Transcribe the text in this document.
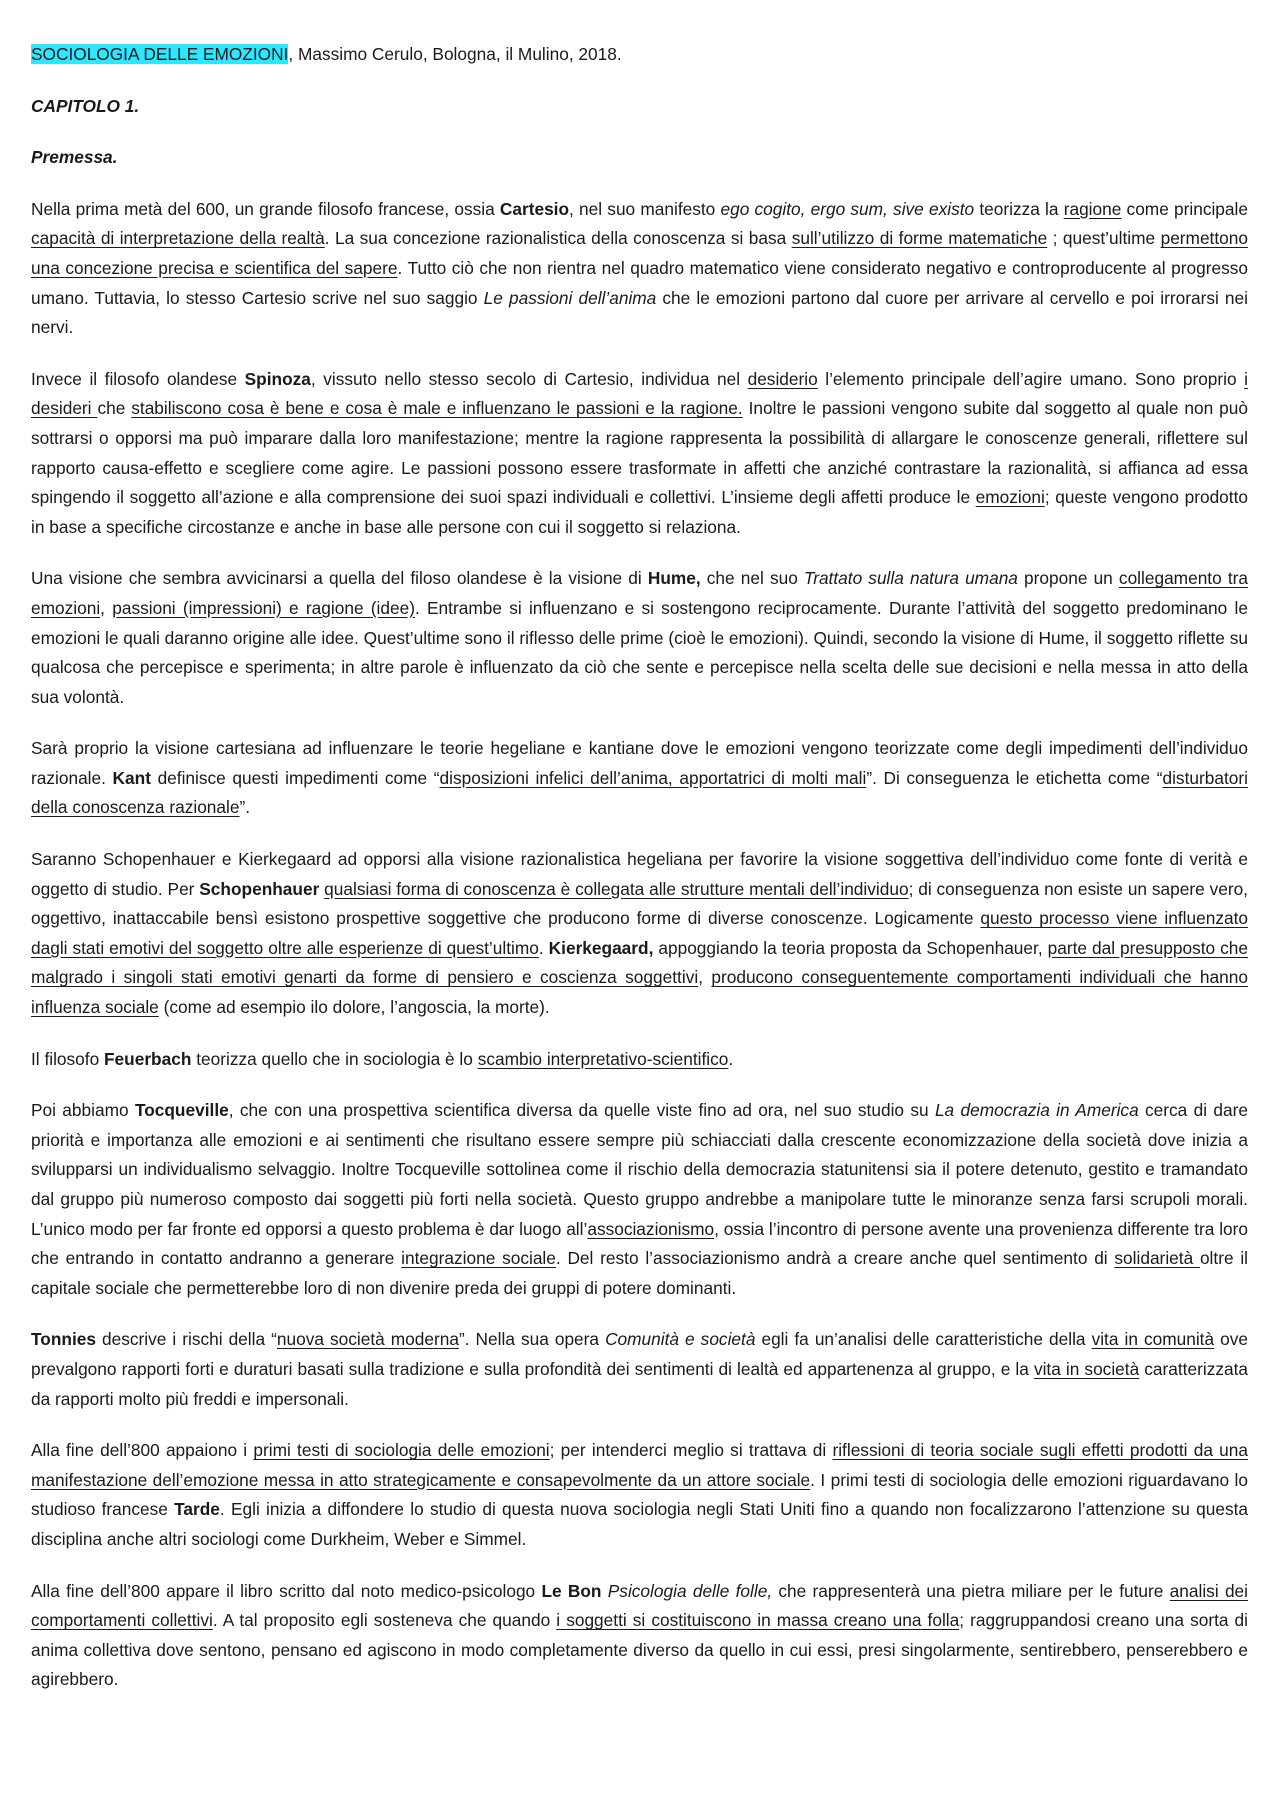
SOCIOLOGIA DELLE EMOZIONI, Massimo Cerulo, Bologna, il Mulino, 2018.

CAPITOLO 1.

Premessa.

Nella prima metà del 600, un grande filosofo francese, ossia Cartesio, nel suo manifesto ego cogito, ergo sum, sive existo teorizza la ragione come principale capacità di interpretazione della realtà. La sua concezione razionalistica della conoscenza si basa sull’utilizzo di forme matematiche ; quest’ultime permettono una concezione precisa e scientifica del sapere. Tutto ciò che non rientra nel quadro matematico viene considerato negativo e controproducente al progresso umano. Tuttavia, lo stesso Cartesio scrive nel suo saggio Le passioni dell’anima che le emozioni partono dal cuore per arrivare al cervello e poi irrorarsi nei nervi.

Invece il filosofo olandese Spinoza, vissuto nello stesso secolo di Cartesio, individua nel desiderio l’elemento principale dell’agire umano. Sono proprio i desideri che stabiliscono cosa è bene e cosa è male e influenzano le passioni e la ragione. Inoltre le passioni vengono subite dal soggetto al quale non può sottrarsi o opporsi ma può imparare dalla loro manifestazione; mentre la ragione rappresenta la possibilità di allargare le conoscenze generali, riflettere sul rapporto causa-effetto e scegliere come agire. Le passioni possono essere trasformate in affetti che anziché contrastare la razionalità, si affianca ad essa spingendo il soggetto all’azione e alla comprensione dei suoi spazi individuali e collettivi. L’insieme degli affetti produce le emozioni; queste vengono prodotto in base a specifiche circostanze e anche in base alle persone con cui il soggetto si relaziona.

Una visione che sembra avvicinarsi a quella del filoso olandese è la visione di Hume, che nel suo Trattato sulla natura umana propone un collegamento tra emozioni, passioni (impressioni) e ragione (idee). Entrambe si influenzano e si sostengono reciprocamente. Durante l’attività del soggetto predominano le emozioni le quali daranno origine alle idee. Quest’ultime sono il riflesso delle prime (cioè le emozioni). Quindi, secondo la visione di Hume, il soggetto riflette su qualcosa che percepisce e sperimenta; in altre parole è influenzato da ciò che sente e percepisce nella scelta delle sue decisioni e nella messa in atto della sua volontà.

Sarà proprio la visione cartesiana ad influenzare le teorie hegeliane e kantiane dove le emozioni vengono teorizzate come degli impedimenti dell’individuo razionale. Kant definisce questi impedimenti come “disposizioni infelici dell’anima, apportatrici di molti mali”. Di conseguenza le etichetta come “disturbatori della conoscenza razionale”.

Saranno Schopenhauer e Kierkegaard ad opporsi alla visione razionalistica hegeliana per favorire la visione soggettiva dell’individuo come fonte di verità e oggetto di studio. Per Schopenhauer qualsiasi forma di conoscenza è collegata alle strutture mentali dell’individuo; di conseguenza non esiste un sapere vero, oggettivo, inattaccabile bensì esistono prospettive soggettive che producono forme di diverse conoscenze. Logicamente questo processo viene influenzato dagli stati emotivi del soggetto oltre alle esperienze di quest’ultimo. Kierkegaard, appoggiando la teoria proposta da Schopenhauer, parte dal presupposto che malgrado i singoli stati emotivi genarti da forme di pensiero e coscienza soggettivi, producono conseguentemente comportamenti individuali che hanno influenza sociale (come ad esempio ilo dolore, l’angoscia, la morte).

Il filosofo Feuerbach teorizza quello che in sociologia è lo scambio interpretativo-scientifico.

Poi abbiamo Tocqueville, che con una prospettiva scientifica diversa da quelle viste fino ad ora, nel suo studio su La democrazia in America cerca di dare priorità e importanza alle emozioni e ai sentimenti che risultano essere sempre più schiacciati dalla crescente economizzazione della società dove inizia a svilupparsi un individualismo selvaggio. Inoltre Tocqueville sottolinea come il rischio della democrazia statunitensi sia il potere detenuto, gestito e tramandato dal gruppo più numeroso composto dai soggetti più forti nella società. Questo gruppo andrebbe a manipolare tutte le minoranze senza farsi scrupoli morali. L’unico modo per far fronte ed opporsi a questo problema è dar luogo all’associazionismo, ossia l’incontro di persone avente una provenienza differente tra loro che entrando in contatto andranno a generare integrazione sociale. Del resto l’associazionismo andrà a creare anche quel sentimento di solidarietà oltre il capitale sociale che permetterebbe loro di non divenire preda dei gruppi di potere dominanti.

Tonnies descrive i rischi della “nuova società moderna”. Nella sua opera Comunità e società egli fa un’analisi delle caratteristiche della vita in comunità ove prevalgono rapporti forti e duraturi basati sulla tradizione e sulla profondità dei sentimenti di lealtà ed appartenenza al gruppo, e la vita in società caratterizzata da rapporti molto più freddi e impersonali.

Alla fine dell’800 appaiono i primi testi di sociologia delle emozioni; per intenderci meglio si trattava di riflessioni di teoria sociale sugli effetti prodotti da una manifestazione dell’emozione messa in atto strategicamente e consapevolmente da un attore sociale. I primi testi di sociologia delle emozioni riguardavano lo studioso francese Tarde. Egli inizia a diffondere lo studio di questa nuova sociologia negli Stati Uniti fino a quando non focalizzarono l’attenzione su questa disciplina anche altri sociologi come Durkheim, Weber e Simmel.

Alla fine dell’800 appare il libro scritto dal noto medico-psicologo Le Bon Psicologia delle folle, che rappresenterà una pietra miliare per le future analisi dei comportamenti collettivi. A tal proposito egli sosteneva che quando i soggetti si costituiscono in massa creano una folla; raggruppandosi creano una sorta di anima collettiva dove sentono, pensano ed agiscono in modo completamente diverso da quello in cui essi, presi singolarmente, sentirebbero, penserebbero e agirebbero.
